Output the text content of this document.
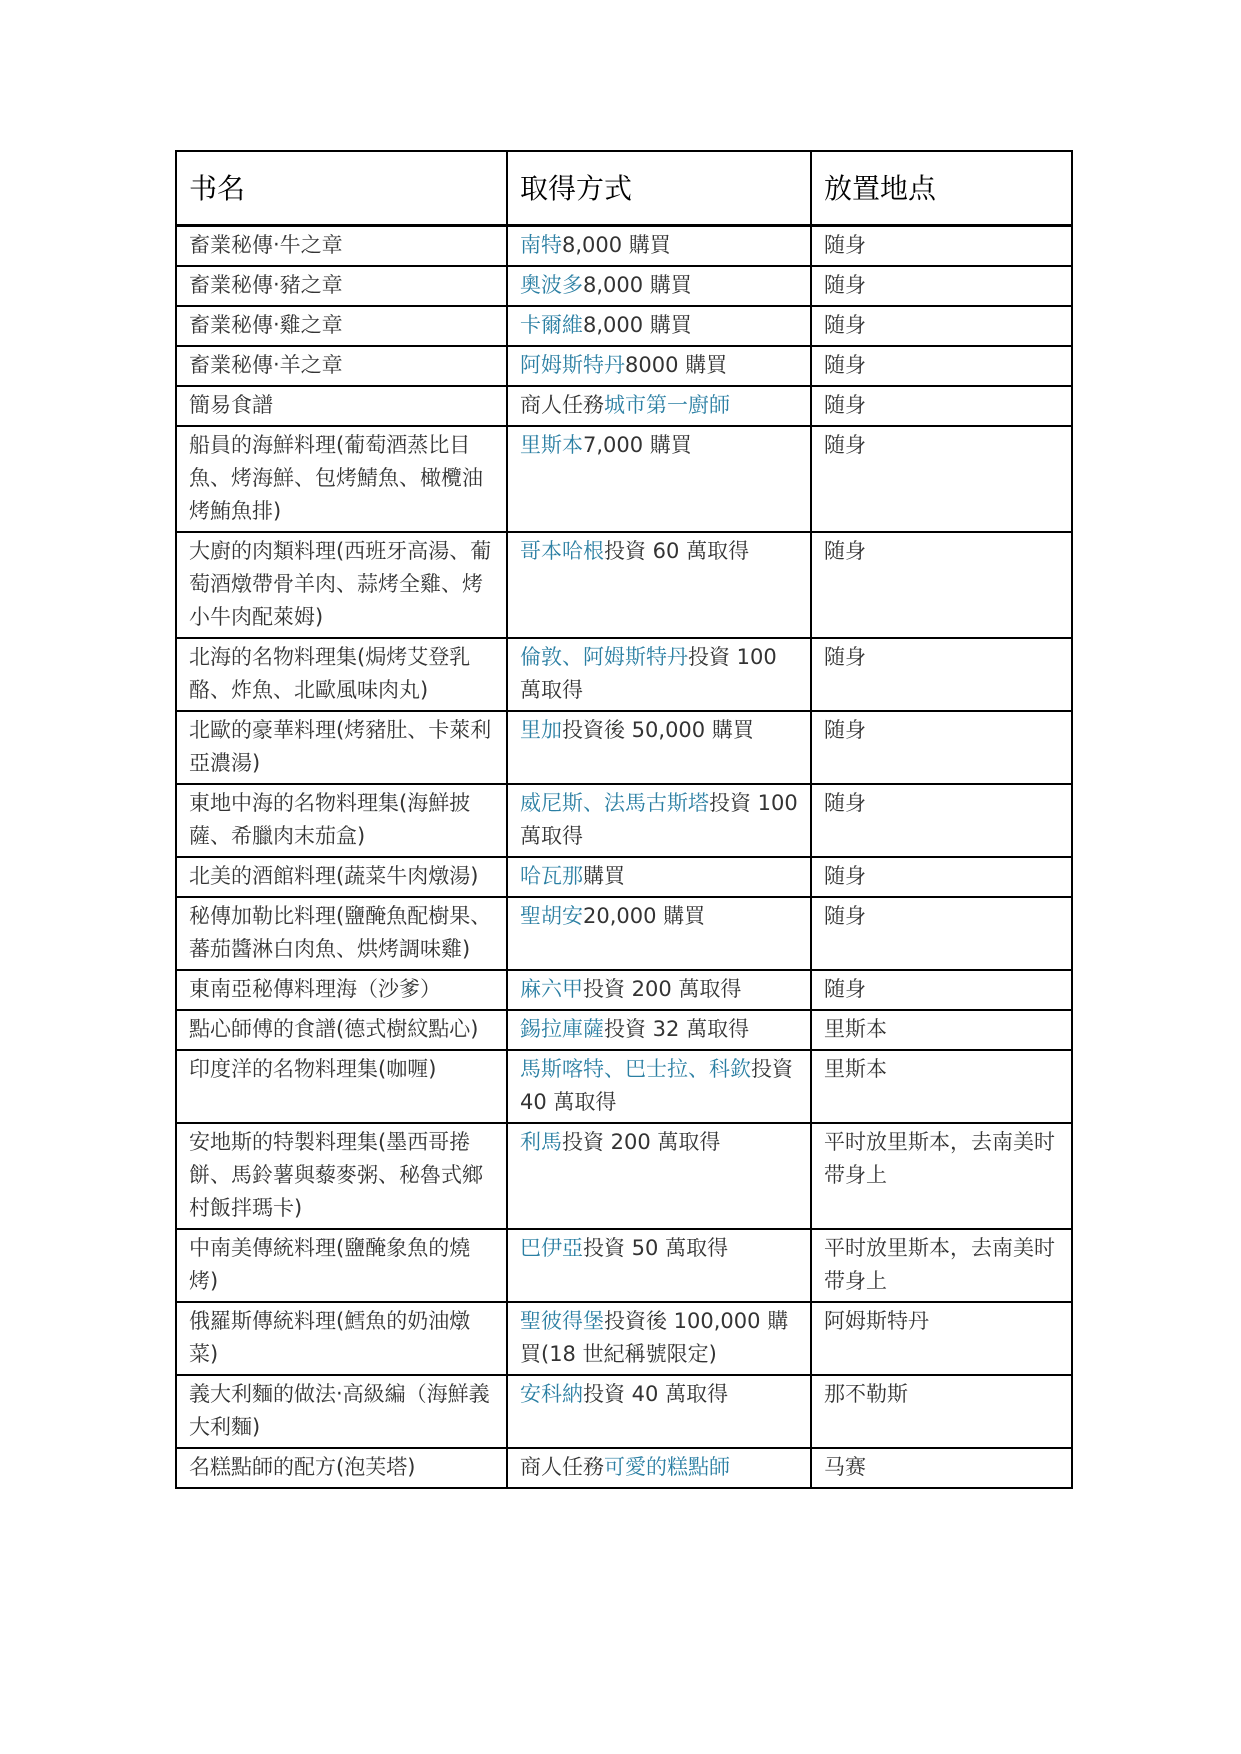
书名	取得方式	放置地点
畜業秘傳‧牛之章	南特8,000 購買	随身
畜業秘傳‧豬之章	奧波多8,000 購買	随身
畜業秘傳‧雞之章	卡爾維8,000 購買	随身
畜業秘傳‧羊之章	阿姆斯特丹8000 購買	随身
簡易食譜	商人任務城市第一廚師	随身
船員的海鮮料理(葡萄酒蒸比目魚、烤海鮮、包烤鯖魚、橄欖油烤鮪魚排)	里斯本7,000 購買	随身
大廚的肉類料理(西班牙高湯、葡萄酒燉帶骨羊肉、蒜烤全雞、烤小牛肉配萊姆)	哥本哈根投資 60 萬取得	随身
北海的名物料理集(焗烤艾登乳酪、炸魚、北歐風味肉丸)	倫敦、阿姆斯特丹投資 100 萬取得	随身
北歐的豪華料理(烤豬肚、卡萊利亞濃湯)	里加投資後 50,000 購買	随身
東地中海的名物料理集(海鮮披薩、希臘肉末茄盒)	威尼斯、法馬古斯塔投資 100 萬取得	随身
北美的酒館料理(蔬菜牛肉燉湯)	哈瓦那購買	随身
秘傳加勒比料理(鹽醃魚配樹果、蕃茄醬淋白肉魚、烘烤調味雞)	聖胡安20,000 購買	随身
東南亞秘傳料理海（沙爹）	麻六甲投資 200 萬取得	随身
點心師傅的食譜(德式樹紋點心)	錫拉庫薩投資 32 萬取得	里斯本
印度洋的名物料理集(咖喱)	馬斯喀特、巴士拉、科欽投資 40 萬取得	里斯本
安地斯的特製料理集(墨西哥捲餅、馬鈴薯與藜麥粥、秘魯式鄉村飯拌瑪卡)	利馬投資 200 萬取得	平时放里斯本，去南美时带身上
中南美傳統料理(鹽醃象魚的燒烤)	巴伊亞投資 50 萬取得	平时放里斯本，去南美时带身上
俄羅斯傳統料理(鱈魚的奶油燉菜)	聖彼得堡投資後 100,000 購買(18 世紀稱號限定)	阿姆斯特丹
義大利麵的做法‧高級編（海鮮義大利麵)	安科納投資 40 萬取得	那不勒斯
名糕點師的配方(泡芙塔)	商人任務可愛的糕點師	马赛
